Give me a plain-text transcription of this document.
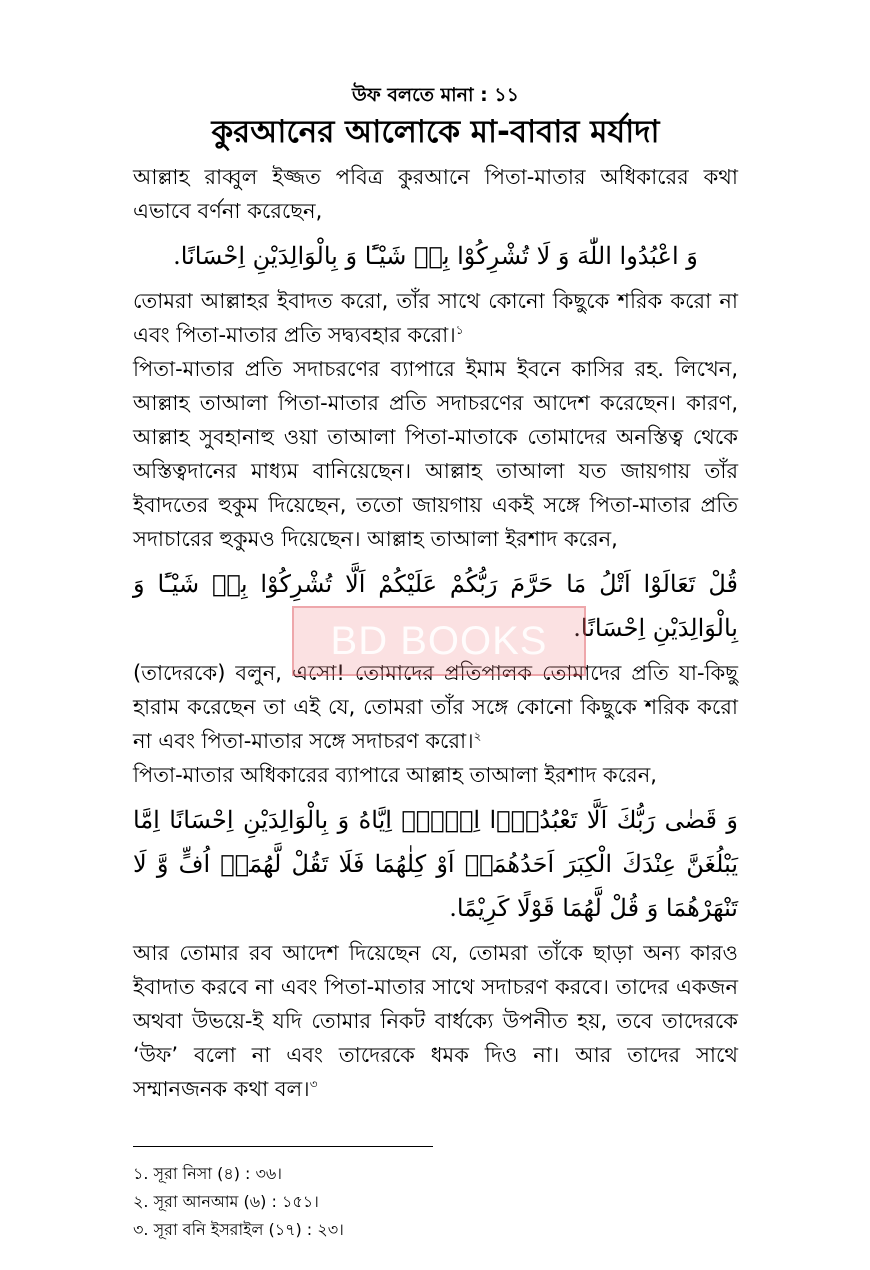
উফ বলতে মানা : ১১
কুরআনের আলোকে মা-বাবার মর্যাদা

আল্লাহ রাব্বুল ইজ্জত পবিত্র কুরআনে পিতা-মাতার অধিকারের কথা এভাবে বর্ণনা করেছেন,

وَ اعْبُدُوا اللّٰهَ وَ لَا تُشْرِكُوْا بِهٖ شَيْـًٔا وَ بِالْوَالِدَيْنِ اِحْسَانًا.

তোমরা আল্লাহর ইবাদত করো, তাঁর সাথে কোনো কিছুকে শরিক করো না এবং পিতা-মাতার প্রতি সদ্ব্যবহার করো।$^১$

পিতা-মাতার প্রতি সদাচরণের ব্যাপারে ইমাম ইবনে কাসির রহ. লিখেন, আল্লাহ তাআলা পিতা-মাতার প্রতি সদাচরণের আদেশ করেছেন। কারণ, আল্লাহ সুবহানাহু ওয়া তাআলা পিতা-মাতাকে তোমাদের অনস্তিত্ব থেকে অস্তিত্বদানের মাধ্যম বানিয়েছেন। আল্লাহ তাআলা যত জায়গায় তাঁর ইবাদতের হুকুম দিয়েছেন, ততো জায়গায় একই সঙ্গে পিতা-মাতার প্রতি সদাচারের হুকুমও দিয়েছেন। আল্লাহ তাআলা ইরশাদ করেন,

قُلْ تَعَالَوْا اَتْلُ مَا حَرَّمَ رَبُّكُمْ عَلَيْكُمْ اَلَّا تُشْرِكُوْا بِهٖ شَيْـًٔا وَ بِالْوَالِدَيْنِ اِحْسَانًا.

(তাদেরকে) বলুন, এসো! তোমাদের প্রতিপালক তোমাদের প্রতি যা-কিছু হারাম করেছেন তা এই যে, তোমরা তাঁর সঙ্গে কোনো কিছুকে শরিক করো না এবং পিতা-মাতার সঙ্গে সদাচরণ করো।$^২$

পিতা-মাতার অধিকারের ব্যাপারে আল্লাহ তাআলা ইরশাদ করেন,

وَ قَضٰى رَبُّكَ اَلَّا تَعْبُدُوْۤا اِلَّاۤ اِيَّاهُ وَ بِالْوَالِدَيْنِ اِحْسَانًا اِمَّا يَبْلُغَنَّ عِنْدَكَ الْكِبَرَ اَحَدُهُمَاۤ اَوْ كِلٰهُمَا فَلَا تَقُلْ لَّهُمَاۤ اُفٍّ وَّ لَا تَنْهَرْهُمَا وَ قُلْ لَّهُمَا قَوْلًا كَرِيْمًا.

আর তোমার রব আদেশ দিয়েছেন যে, তোমরা তাঁকে ছাড়া অন্য কারও ইবাদাত করবে না এবং পিতা-মাতার সাথে সদাচরণ করবে। তাদের একজন অথবা উভয়ে-ই যদি তোমার নিকট বার্ধক্যে উপনীত হয়, তবে তাদেরকে ‘উফ’ বলো না এবং তাদেরকে ধমক দিও না। আর তাদের সাথে সম্মানজনক কথা বল।$^৩$

BD BOOKS

১. সূরা নিসা (৪) : ৩৬।

২. সূরা আনআম (৬) : ১৫১।

৩. সূরা বনি ইসরাইল (১৭) : ২৩।
